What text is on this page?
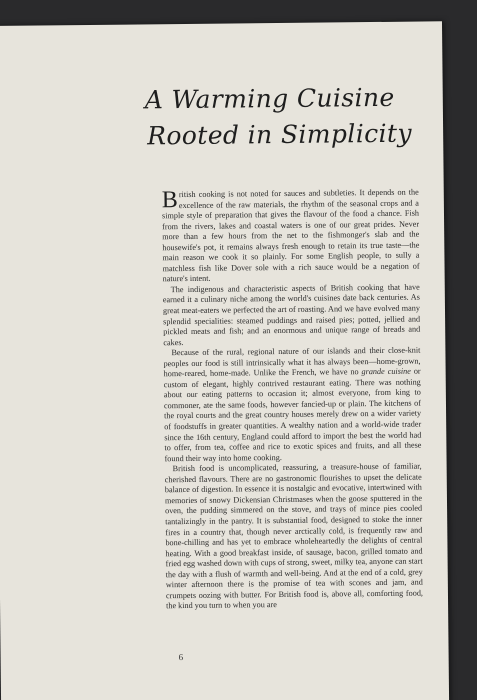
A Warming Cuisine
Rooted in Simplicity

British cooking is not noted for sauces and subtleties. It depends on the excellence of the raw materials, the rhythm of the seasonal crops and a simple style of preparation that gives the flavour of the food a chance. Fish from the rivers, lakes and coastal waters is one of our great prides. Never more than a few hours from the net to the fishmonger's slab and the housewife's pot, it remains always fresh enough to retain its true taste—the main reason we cook it so plainly. For some English people, to sully a matchless fish like Dover sole with a rich sauce would be a negation of nature's intent.

The indigenous and characteristic aspects of British cooking that have earned it a culinary niche among the world's cuisines date back centuries. As great meat-eaters we perfected the art of roasting. And we have evolved many splendid specialities: steamed puddings and raised pies; potted, jellied and pickled meats and fish; and an enormous and unique range of breads and cakes.

Because of the rural, regional nature of our islands and their close-knit peoples our food is still intrinsically what it has always been—home-grown, home-reared, home-made. Unlike the French, we have no grande cuisine or custom of elegant, highly contrived restaurant eating. There was nothing about our eating patterns to occasion it; almost everyone, from king to commoner, ate the same foods, however fancied-up or plain. The kitchens of the royal courts and the great country houses merely drew on a wider variety of foodstuffs in greater quantities. A wealthy nation and a world-wide trader since the 16th century, England could afford to import the best the world had to offer, from tea, coffee and rice to exotic spices and fruits, and all these found their way into home cooking.

British food is uncomplicated, reassuring, a treasure-house of familiar, cherished flavours. There are no gastronomic flourishes to upset the delicate balance of digestion. In essence it is nostalgic and evocative, intertwined with memories of snowy Dickensian Christmases when the goose sputtered in the oven, the pudding simmered on the stove, and trays of mince pies cooled tantalizingly in the pantry. It is substantial food, designed to stoke the inner fires in a country that, though never arctically cold, is frequently raw and bone-chilling and has yet to embrace wholeheartedly the delights of central heating. With a good breakfast inside, of sausage, bacon, grilled tomato and fried egg washed down with cups of strong, sweet, milky tea, anyone can start the day with a flush of warmth and well-being. And at the end of a cold, grey winter afternoon there is the promise of tea with scones and jam, and crumpets oozing with butter. For British food is, above all, comforting food, the kind you turn to when you are

6
